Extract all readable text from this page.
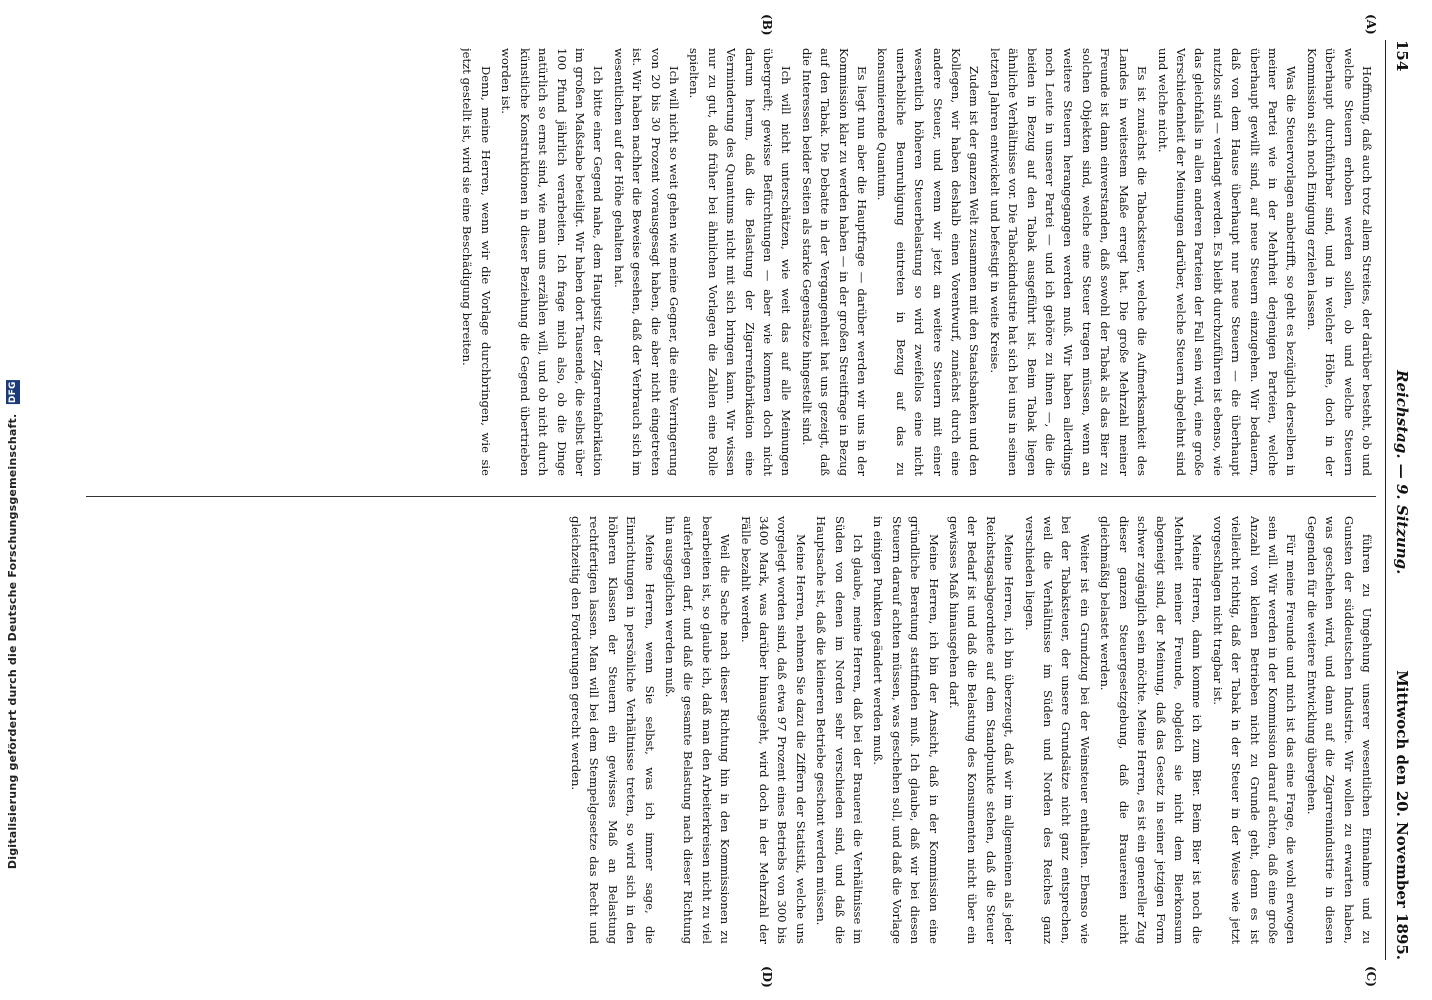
Digitalisierung gefördert durch die Deutsche Forschungsgemeinschaft. DFG
154
Reichstag. — 9. Sitzung.
Mittwoch den 20. November 1895.
(A)
(B)
(C)
(D)

Hoffnung, daß auch trotz allem Streites, der darüber besteht, ob und welche Steuern erhoben werden sollen, ob und welche Steuern überhaupt durchführbar sind, und in welcher Höhe, doch in der Kommission sich noch Einigung erzielen lassen.

Was die Steuervorlagen anbetrifft, so geht es bezüglich derselben in meiner Partei wie in der Mehrheit derjenigen Parteien, welche überhaupt gewillt sind, auf neue Steuern einzugehen. Wir bedauern, daß von dem Hause überhaupt nur neue Steuern — die überhaupt nutzlos sind — verlangt werden. Es bleibt durchzuführen ist ebenso, wie das gleichfalls in allen anderen Parteien der Fall sein wird, eine große Verschiedenheit der Meinungen darüber, welche Steuern abgelehnt sind und welche nicht.

Es ist zunächst die Tabacksteuer, welche die Aufmerksamkeit des Landes in weitestem Maße erregt hat. Die große Mehrzahl meiner Freunde ist dann einverstanden, daß sowohl der Tabak als das Bier zu solchen Objekten sind, welche eine Steuer tragen müssen, wenn an weitere Steuern herangegangen werden muß. Wir haben allerdings noch Leute in unserer Partei — und ich gehöre zu ihnen —, die die beiden in Bezug auf den Tabak ausgeführt ist. Beim Tabak liegen ähnliche Verhältnisse vor. Die Tabackindustrie hat sich bei uns in seinen letzten Jahren entwickelt und befestigt in weite Kreise.

Zudem ist der ganzen Welt zusammen mit den Staatsbanken und den Kollegen, wir haben deshalb einen Vorentwurf, zunächst durch eine andere Steuer, und wenn wir jetzt an weitere Steuern mit einer wesentlich höheren Steuerbelastung so wird zweifellos eine nicht unerhebliche Beunruhigung eintreten in Bezug auf das zu konsumierende Quantum.

Es liegt nun aber die Hauptfrage — darüber werden wir uns in der Kommission klar zu werden haben — in der großen Streitfrage in Bezug auf den Tabak. Die Debatte in der Vergangenheit hat uns gezeigt, daß die Interessen beider Seiten als starke Gegensätze hingestellt sind.

Ich will nicht unterschätzen, wie weit das auf alle Meinungen übergreift; gewisse Befürchtungen — aber wie kommen doch nicht darum herum, daß die Belastung der Zigarrenfabrikation eine Verminderung des Quantums nicht mit sich bringen kann. Wir wissen nur zu gut, daß früher bei ähnlichen Vorlagen die Zahlen eine Rolle spielten.

Ich will nicht so weit gehen wie meine Gegner, die eine Verringerung von 20 bis 30 Prozent vorausgesagt haben, die aber nicht eingetreten ist. Wir haben nachher die Beweise gesehen, daß der Verbrauch sich im wesentlichen auf der Höhe gehalten hat.

Ich bitte einer Gegend nahe, dem Hauptsitz der Zigarrenfabrikation im großen Maßstabe beteiligt. Wir haben dort Tausende, die selbst über 100 Pfund jährlich verarbeiten. Ich frage mich also, ob die Dinge natürlich so ernst sind, wie man uns erzählen will, und ob nicht durch künstliche Konstruktionen in dieser Beziehung die Gegend übertrieben worden ist.

Denn, meine Herren, wenn wir die Vorlage durchbringen, wie sie jetzt gestellt ist, wird sie eine Beschädigung bereiten.

führen zu Umgehung unserer wesentlichen Einnahme und zu Gunsten der süddeutschen Industrie. Wir wollen zu erwarten haben, was geschehen wird, und dann auf die Zigarrenindustrie in diesen Gegenden für die weitere Entwicklung übergehen.

Für meine Freunde und mich ist das eine Frage, die wohl erwogen sein will. Wir werden in der Kommission darauf achten, daß eine große Anzahl von kleinen Betrieben nicht zu Grunde geht, denn es ist vielleicht richtig, daß der Tabak in der Steuer in der Weise wie jetzt vorgeschlagen nicht tragbar ist.

Meine Herren, dann komme ich zum Bier. Beim Bier ist noch die Mehrheit meiner Freunde, obgleich sie nicht dem Bierkonsum abgeneigt sind, der Meinung, daß das Gesetz in seiner jetzigen Form schwer zugänglich sein möchte. Meine Herren, es ist ein genereller Zug dieser ganzen Steuergesetzgebung, daß die Brauereien nicht gleichmäßig belastet werden.

Weiter ist ein Grundzug bei der Weinsteuer enthalten. Ebenso wie bei der Tabaksteuer, der unsere Grundsätze nicht ganz entsprechen, weil die Verhältnisse im Süden und Norden des Reiches ganz verschieden liegen.

Meine Herren, ich bin überzeugt, daß wir im allgemeinen als jeder Reichstagsabgeordnete auf dem Standpunkte stehen, daß die Steuer der Bedarf ist und daß die Belastung des Konsumenten nicht über ein gewisses Maß hinausgehen darf.

Meine Herren, ich bin der Ansicht, daß in der Kommission eine gründliche Beratung stattfinden muß. Ich glaube, daß wir bei diesen Steuern darauf achten müssen, was geschehen soll, und daß die Vorlage in einigen Punkten geändert werden muß.

Ich glaube, meine Herren, daß bei der Brauerei die Verhältnisse im Süden von denen im Norden sehr verschieden sind, und daß die Hauptsache ist, daß die kleineren Betriebe geschont werden müssen.

Meine Herren, nehmen Sie dazu die Ziffern der Statistik, welche uns vorgelegt worden sind, daß etwa 97 Prozent eines Betriebs von 300 bis 3400 Mark, was darüber hinausgeht, wird doch in der Mehrzahl der Fälle bezahlt werden.

Weil die Sache nach dieser Richtung hin in den Kommissionen zu bearbeiten ist, so glaube ich, daß man den Arbeiterkreisen nicht zu viel auferlegen darf, und daß die gesamte Belastung nach dieser Richtung hin ausgeglichen werden muß.

Meine Herren, wenn Sie selbst, was ich immer sage, die Einrichtungen in persönliche Verhältnisse treten, so wird sich in den höheren Klassen der Steuern ein gewisses Maß an Belastung rechtfertigen lassen. Man will bei dem Stempelgesetze das Recht und gleichzeitig den Forderungen gerecht werden.
